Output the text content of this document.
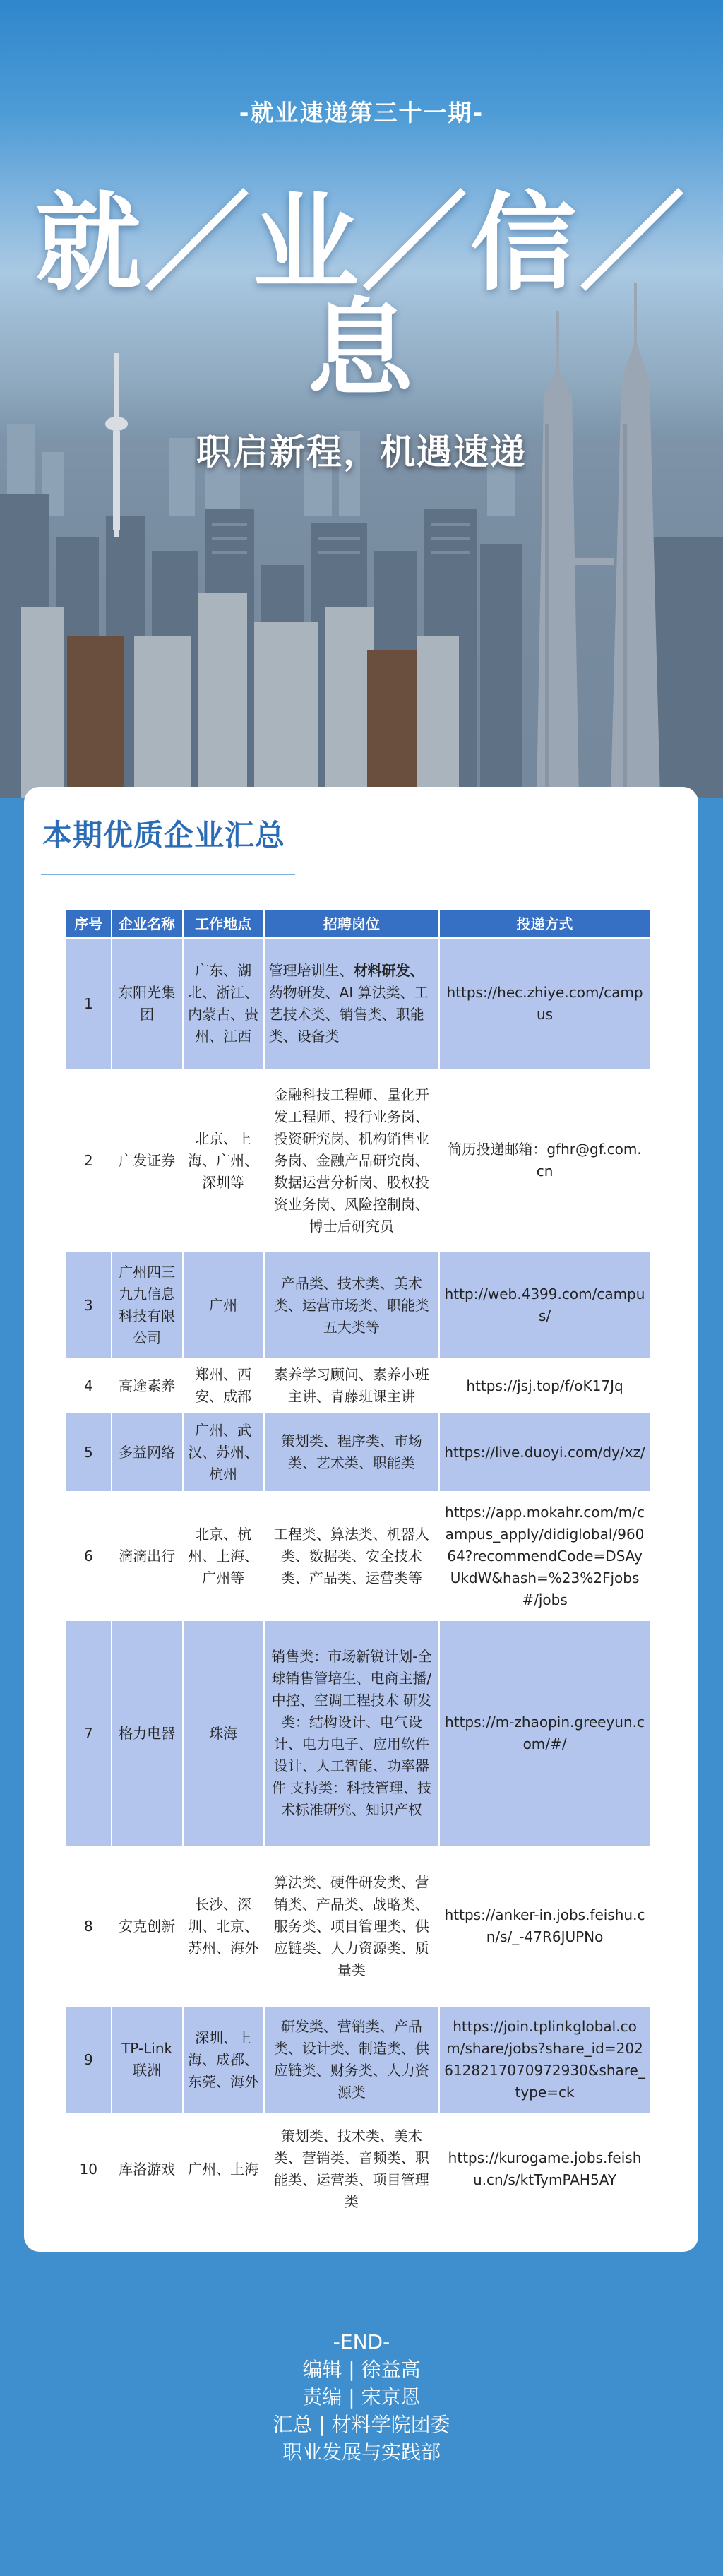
-就业速递第三十一期-
就／业／信／息
职启新程，机遇速递
本期优质企业汇总
序号	企业名称	工作地点	招聘岗位	投递方式
1	东阳光集团	广东、湖北、浙江、内蒙古、贵州、江西	管理培训生、材料研发、药物研发、AI 算法类、工艺技术类、销售类、职能类、设备类	https://hec.zhiye.com/campus
2	广发证券	北京、上海、广州、深圳等	金融科技工程师、量化开发工程师、投行业务岗、投资研究岗、机构销售业务岗、金融产品研究岗、数据运营分析岗、股权投资业务岗、风险控制岗、博士后研究员	简历投递邮箱：gfhr@gf.com.cn
3	广州四三九九信息科技有限公司	广州	产品类、技术类、美术类、运营市场类、职能类五大类等	http://web.4399.com/campus/
4	高途素养	郑州、西安、成都	素养学习顾问、素养小班主讲、青藤班课主讲	https://jsj.top/f/oK17Jq
5	多益网络	广州、武汉、苏州、杭州	策划类、程序类、市场类、艺术类、职能类	https://live.duoyi.com/dy/xz/
6	滴滴出行	北京、杭州、上海、广州等	工程类、算法类、机器人类、数据类、安全技术类、产品类、运营类等	https://app.mokahr.com/m/campus_apply/didiglobal/96064?recommendCode=DSAyUkdW&hash=%23%2Fjobs#/jobs
7	格力电器	珠海	销售类：市场新锐计划-全球销售管培生、电商主播/中控、空调工程技术 研发类：结构设计、电气设计、电力电子、应用软件设计、人工智能、功率器件 支持类：科技管理、技术标准研究、知识产权	https://m-zhaopin.greeyun.com/#/
8	安克创新	长沙、深圳、北京、苏州、海外	算法类、硬件研发类、营销类、产品类、战略类、服务类、项目管理类、供应链类、人力资源类、质量类	https://anker-in.jobs.feishu.cn/s/_-47R6JUPNo
9	TP-Link联洲	深圳、上海、成都、东莞、海外	研发类、营销类、产品类、设计类、制造类、供应链类、财务类、人力资源类	https://join.tplinkglobal.com/share/jobs?share_id=2026128217070972930&share_type=ck
10	库洛游戏	广州、上海	策划类、技术类、美术类、营销类、音频类、职能类、运营类、项目管理类	https://kurogame.jobs.feishu.cn/s/ktTymPAH5AY
-END-
编辑 | 徐益高
责编 | 宋京恩
汇总 | 材料学院团委
职业发展与实践部
